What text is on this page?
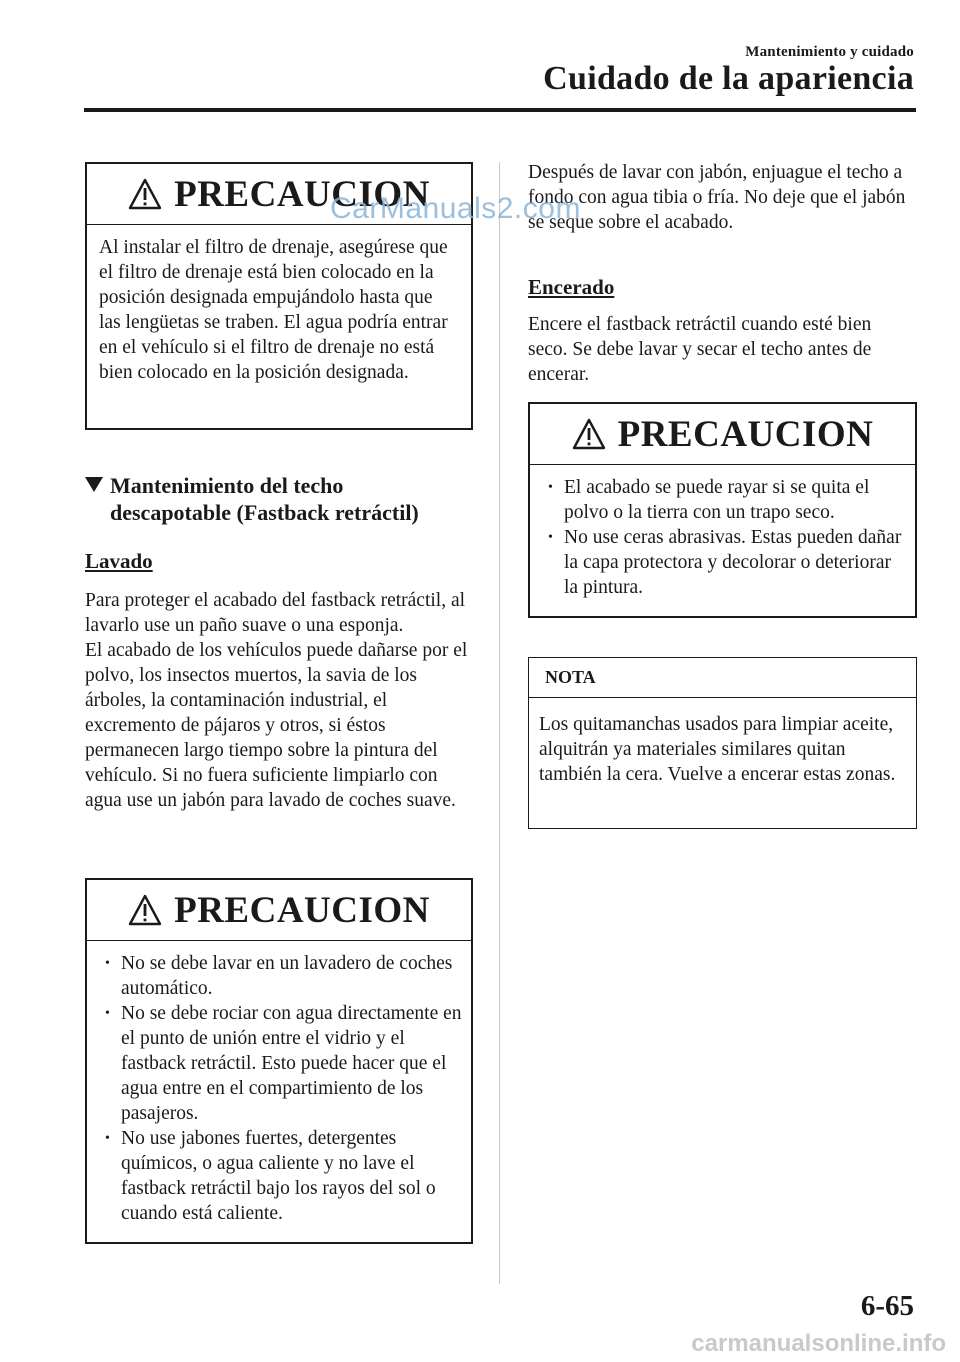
Mantenimiento y cuidado
Cuidado de la apariencia
PRECAUCION

Al instalar el filtro de drenaje, asegúrese que el filtro de drenaje está bien colocado en la posición designada empujándolo hasta que las lengüetas se traben. El agua podría entrar en el vehículo si el filtro de drenaje no está bien colocado en la posición designada.

Mantenimiento del techo
descapotable (Fastback retráctil)
Lavado

Para proteger el acabado del fastback retráctil, al lavarlo use un paño suave o una esponja.

El acabado de los vehículos puede dañarse por el polvo, los insectos muertos, la savia de los árboles, la contaminación industrial, el excremento de pájaros y otros, si éstos permanecen largo tiempo sobre la pintura del vehículo. Si no fuera suficiente limpiarlo con agua use un jabón para lavado de coches suave.

PRECAUCION
• No se debe lavar en un lavadero de coches automático.
• No se debe rociar con agua directamente en el punto de unión entre el vidrio y el fastback retráctil. Esto puede hacer que el agua entre en el compartimiento de los pasajeros.
• No use jabones fuertes, detergentes químicos, o agua caliente y no lave el fastback retráctil bajo los rayos del sol o cuando está caliente.

Después de lavar con jabón, enjuague el techo a fondo con agua tibia o fría. No deje que el jabón se seque sobre el acabado.

Encerado

Encere el fastback retráctil cuando esté bien seco. Se debe lavar y secar el techo antes de encerar.

PRECAUCION
• El acabado se puede rayar si se quita el polvo o la tierra con un trapo seco.
• No use ceras abrasivas. Estas pueden dañar la capa protectora y decolorar o deteriorar la pintura.
NOTA

Los quitamanchas usados para limpiar aceite, alquitrán ya materiales similares quitan también la cera. Vuelve a encerar estas zonas.

6-65
CarManuals2.com
carmanualsonline.info
